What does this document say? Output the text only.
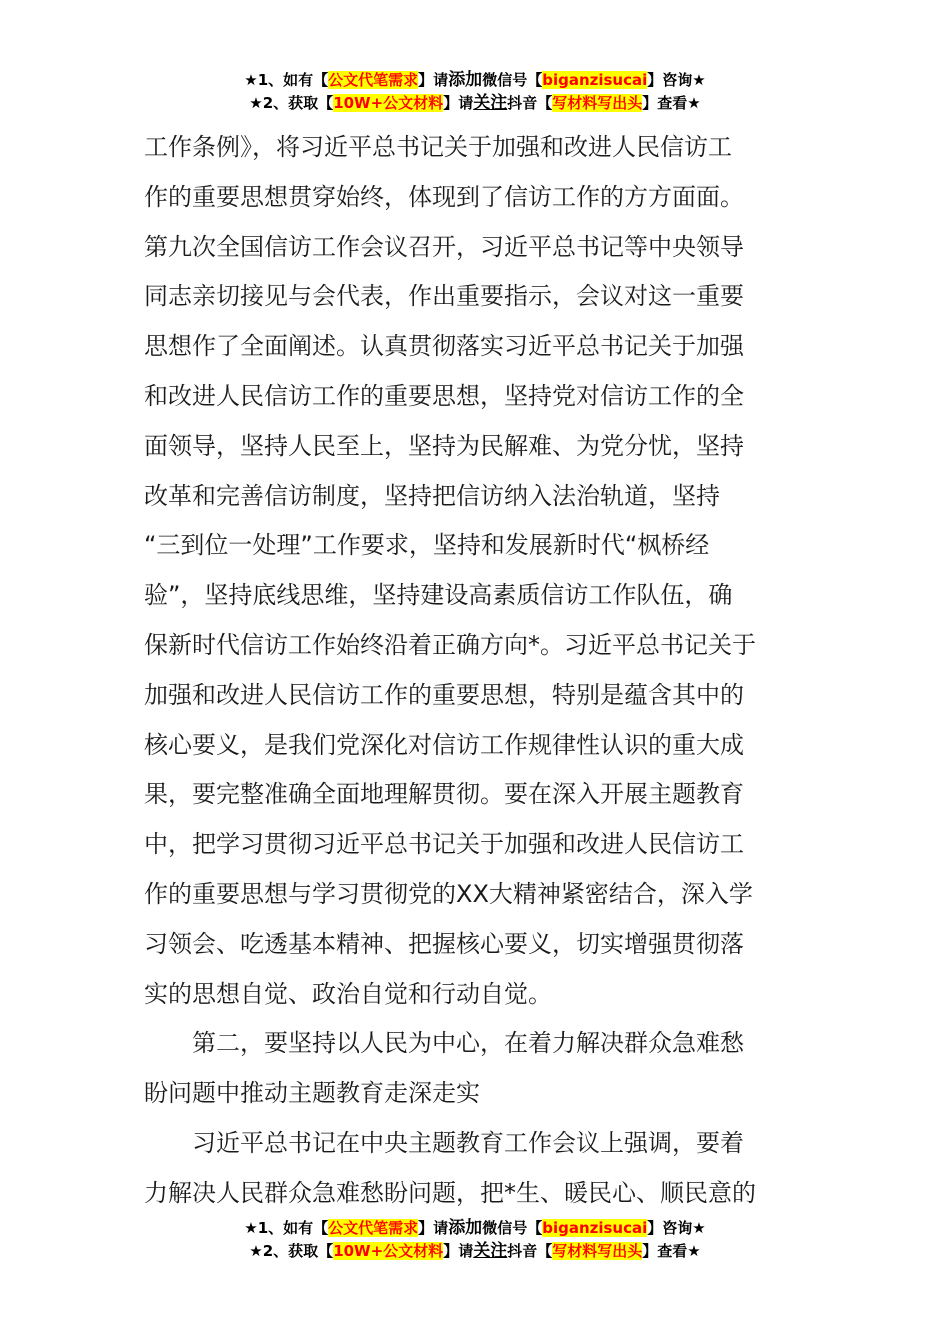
★1、如有【公文代笔需求】请添加微信号【biganzisucai】咨询★
★2、获取【10W+公文材料】请关注抖音【写材料写出头】查看★
工作条例》，将习近平总书记关于加强和改进人民信访工
作的重要思想贯穿始终，体现到了信访工作的方方面面。
第九次全国信访工作会议召开，习近平总书记等中央领导
同志亲切接见与会代表，作出重要指示，会议对这一重要
思想作了全面阐述。认真贯彻落实习近平总书记关于加强
和改进人民信访工作的重要思想，坚持党对信访工作的全
面领导，坚持人民至上，坚持为民解难、为党分忧，坚持
改革和完善信访制度，坚持把信访纳入法治轨道，坚持
“三到位一处理”工作要求，坚持和发展新时代“枫桥经
验”，坚持底线思维，坚持建设高素质信访工作队伍，确
保新时代信访工作始终沿着正确方向*。习近平总书记关于
加强和改进人民信访工作的重要思想，特别是蕴含其中的
核心要义，是我们党深化对信访工作规律性认识的重大成
果，要完整准确全面地理解贯彻。要在深入开展主题教育
中，把学习贯彻习近平总书记关于加强和改进人民信访工
作的重要思想与学习贯彻党的XX大精神紧密结合，深入学
习领会、吃透基本精神、把握核心要义，切实增强贯彻落
实的思想自觉、政治自觉和行动自觉。
第二，要坚持以人民为中心，在着力解决群众急难愁
盼问题中推动主题教育走深走实
习近平总书记在中央主题教育工作会议上强调，要着
力解决人民群众急难愁盼问题，把*生、暖民心、顺民意的
★1、如有【公文代笔需求】请添加微信号【biganzisucai】咨询★
★2、获取【10W+公文材料】请关注抖音【写材料写出头】查看★
